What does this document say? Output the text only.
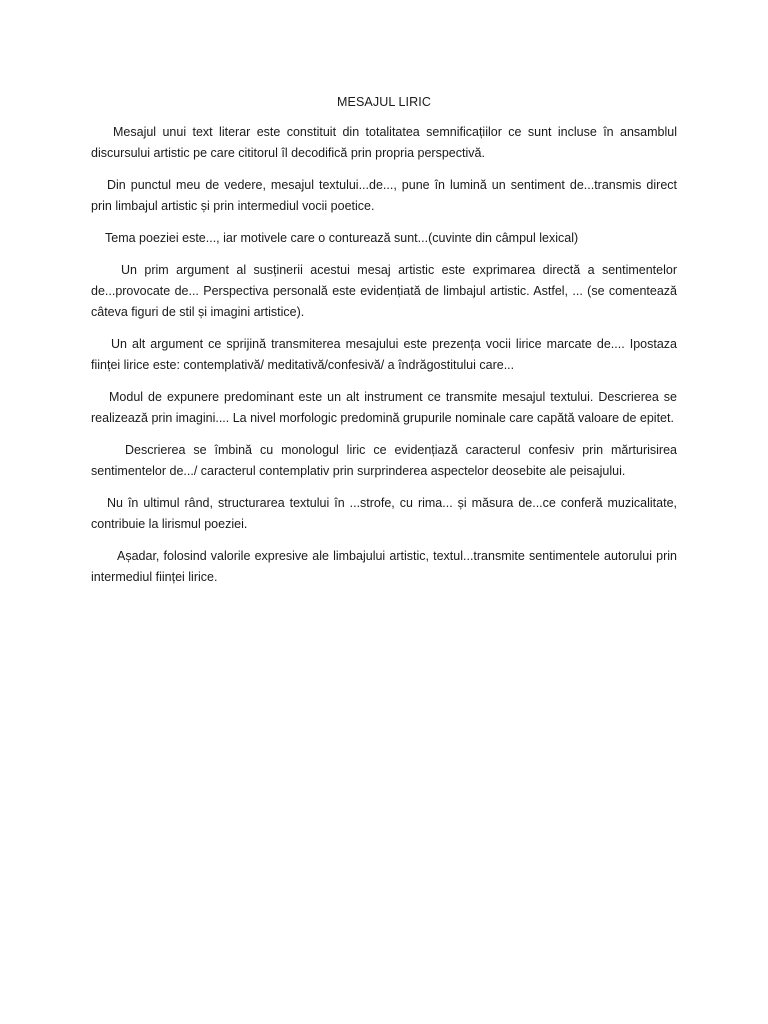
MESAJUL LIRIC

Mesajul unui text literar este constituit din totalitatea semnificațiilor ce sunt incluse în ansamblul discursului artistic pe care cititorul îl decodifică prin propria perspectivă.

Din punctul meu de vedere, mesajul textului...de..., pune în lumină un sentiment de...transmis direct prin limbajul artistic și prin intermediul vocii poetice.

Tema poeziei este..., iar motivele care o conturează sunt...(cuvinte din câmpul lexical)

Un prim argument al susținerii acestui mesaj artistic este exprimarea directă a sentimentelor de...provocate de... Perspectiva personală este evidențiată de limbajul artistic. Astfel, ... (se comentează câteva figuri de stil și imagini artistice).

Un alt argument ce sprijină transmiterea mesajului este prezența vocii lirice marcate de.... Ipostaza ființei lirice este: contemplativă/ meditativă/confesivă/ a îndrăgostitului care...

Modul de expunere predominant este un alt instrument ce transmite mesajul textului. Descrierea se realizează prin imagini.... La nivel morfologic predomină grupurile nominale care capătă valoare de epitet.

Descrierea se îmbină cu monologul liric ce evidențiază caracterul confesiv prin mărturisirea sentimentelor de.../ caracterul contemplativ prin surprinderea aspectelor deosebite ale peisajului.

Nu în ultimul rând, structurarea textului în ...strofe, cu rima... și măsura de...ce conferă muzicalitate, contribuie la lirismul poeziei.

Așadar, folosind valorile expresive ale limbajului artistic, textul...transmite sentimentele autorului prin intermediul ființei lirice.
